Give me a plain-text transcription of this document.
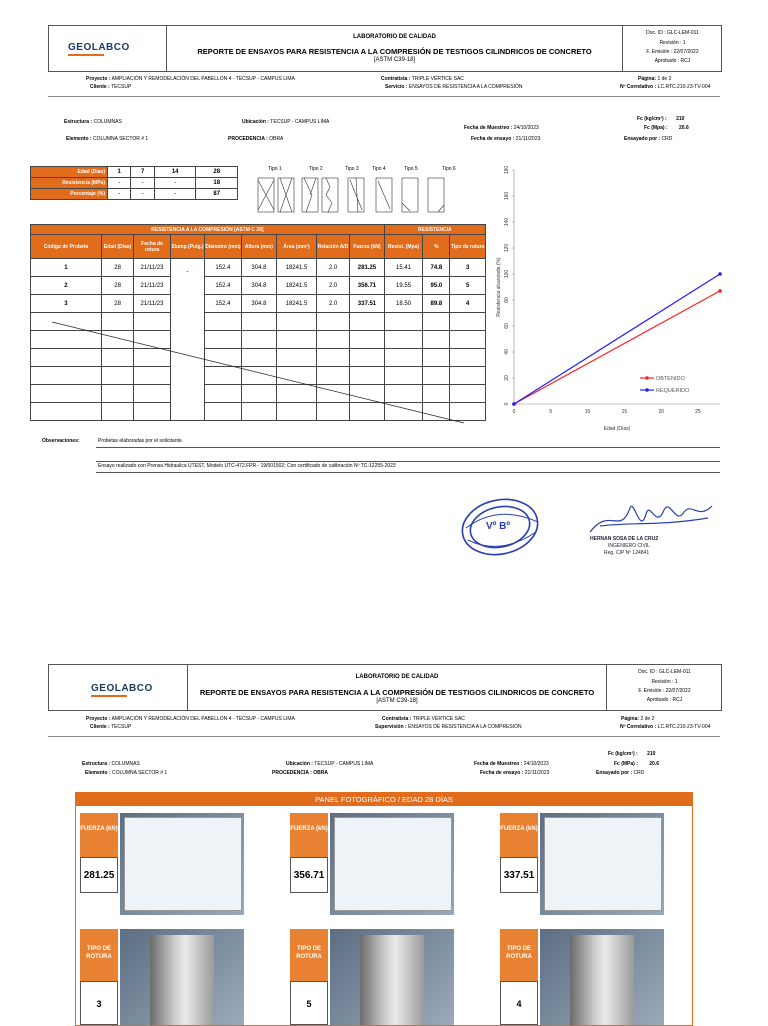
GEOLABCO
LABORATORIO DE CALIDAD
REPORTE DE ENSAYOS PARA RESISTENCIA A LA COMPRESIÓN DE TESTIGOS CILINDRICOS DE CONCRETO
[ASTM C39-18]
Doc. ID : GLC-LEM-011
Revisión : 1
F. Emisión : 22/07/2022
Aprobado : RCJ
Proyecto : AMPLIACIÓN Y REMODELACIÓN DEL PABELLON 4 - TECSUP - CAMPUS LIMA
Cliente : TECSUP
Contratista : TRIPLE VÉRTICE SAC
Servicio : ENSAYOS DE RESISTENCIA A LA COMPRESIÓN
Página: 1 de 2
Nº Correlativo : LC.RTC.210-23-TV-004
Estructura : COLUMNAS
Elemento : COLUMNA SECTOR # 1
Ubicación : TECSUP - CAMPUS LIMA
PROCEDENCIA : OBRA
Fecha de Muestreo : 24/10/2023
Fecha de ensayo : 21/11/2023
Fc (kg/cm²) : 210
Fc (Mpa) : 20.6
Ensayado por : CRD
Edad (Días)	1	7	14	28
Resistencia (MPa)	-	-	-	18
Porcentaje (%)	-	-	-	87
Tipo 1	Tipo 2	Tipo 3	Tipo 4	Tipo 5	Tipo 6
RESISTENCIA A LA COMPRESIÓN [ASTM C 39]									RESISTENCIA		
Código de Probeta	Edad (Días)	Fecha de rotura	Slump (Pulg.)	Diámetro (mm)	Altura (mm)	Área (mm²)	Relación A/D	Fuerza (kN)	Resist. (Mpa)	%	Tipo de rotura
1	28	21/11/23	-	152.4	304.8	18241.5	2.0	281.25	15.41	74.8	3
2	28	21/11/23		152.4	304.8	18241.5	2.0	356.71	19.55	95.0	5
3	28	21/11/23		152.4	304.8	18241.5	2.0	337.51	18.50	89.8	4

0
20
40
60
80
100
120
140
160
180
0	5	10	15	20	25
Edad (Días)
Resistencia alcanzada (%)
OBTENIDO
REQUERIDO
Observaciones:	Probetas elaboradas por el solicitante.
Ensayo realizado con Prensa Hidraulica UTEST, Modelo UTC-472.FPR - 19/001502; Con certificado de calibración Nº TC-12255-2023
Vº Bº
HERNAN SOSA DE LA CRUZ
INGENIERO CIVIL
Reg. CIP Nº 124841
GEOLABCO
LABORATORIO DE CALIDAD
REPORTE DE ENSAYOS PARA RESISTENCIA A LA COMPRESIÓN DE TESTIGOS CILINDRICOS DE CONCRETO
[ASTM C39-18]
Doc. ID : GLC-LEM-011
Revisión : 1
F. Emisión : 22/07/2022
Aprobado : RCJ
Proyecto : AMPLIACIÓN Y REMODELACIÓN DEL PABELLON 4 - TECSUP - CAMPUS LIMA
Cliente : TECSUP
Contratista : TRIPLE VÉRTICE SAC
Supervisión : ENSAYOS DE RESISTENCIA A LA COMPRESIÓN
Página: 2 de 2
Nº Correlativo : LC.RTC.210-23-TV-004
Estructura : COLUMNAS
Elemento : COLUMNA SECTOR # 1
Ubicación : TECSUP - CAMPUS LIMA
PROCEDENCIA : OBRA
Fecha de Muestreo : 24/10/2023
Fecha de ensayo : 21/11/2023
Fc (kg/cm²) : 210
Fc (MPa) : 20.6
Ensayado por : CRD
PANEL FOTOGRÁFICO / EDAD 28 DÍAS
FUERZA (kN)
281.25
TIPO DE ROTURA
3
FUERZA (kN)
356.71
TIPO DE ROTURA
5
FUERZA (kN)
337.51
TIPO DE ROTURA
4
